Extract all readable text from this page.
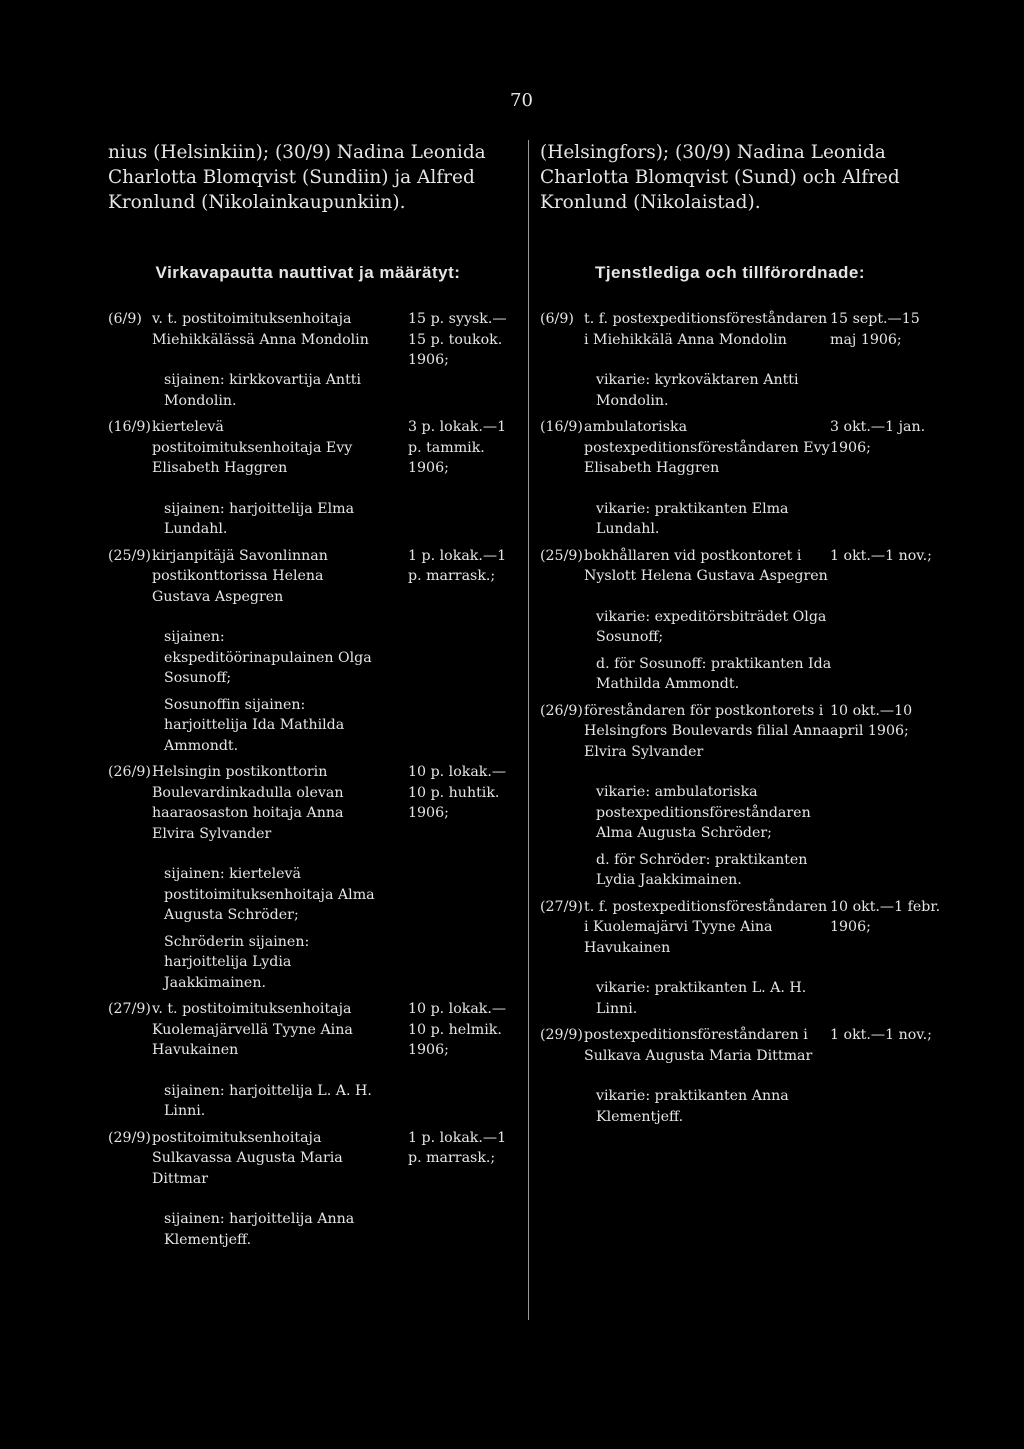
70

nius (Helsinkiin); (30/9) Nadina Leonida Charlotta Blomqvist (Sundiin) ja Alfred Kronlund (Nikolainkaupunkiin).

Virkavapautta nauttivat ja määrätyt:
(6/9) v. t. postitoimituksenhoitaja Miehikkälässä Anna Mondolin
15 p. syysk.—15 p. toukok. 1906;
sijainen: kirkkovartija Antti Mondolin.
(16/9) kiertelevä postitoimituksenhoitaja Evy Elisabeth Haggren
3 p. lokak.—1 p. tammik. 1906;
sijainen: harjoittelija Elma Lundahl.
(25/9) kirjanpitäjä Savonlinnan postikonttorissa Helena Gustava Aspegren
1 p. lokak.—1 p. marrask.;
sijainen: ekspeditöörinapulainen Olga Sosunoff;
Sosunoffin sijainen: harjoittelija Ida Mathilda Ammondt.
(26/9) Helsingin postikonttorin Boulevardinkadulla olevan haaraosaston hoitaja Anna Elvira Sylvander
10 p. lokak.—10 p. huhtik. 1906;
sijainen: kiertelevä postitoimituksenhoitaja Alma Augusta Schröder;
Schröderin sijainen: harjoittelija Lydia Jaakkimainen.
(27/9) v. t. postitoimituksenhoitaja Kuolemajärvellä Tyyne Aina Havukainen
10 p. lokak.—10 p. helmik. 1906;
sijainen: harjoittelija L. A. H. Linni.
(29/9) postitoimituksenhoitaja Sulkavassa Augusta Maria Dittmar
1 p. lokak.—1 p. marrask.;
sijainen: harjoittelija Anna Klementjeff.

(Helsingfors); (30/9) Nadina Leonida Charlotta Blomqvist (Sund) och Alfred Kronlund (Nikolaistad).

Tjenstlediga och tillförordnade:
(6/9) t. f. postexpeditionsföreståndaren i Miehikkälä Anna Mondolin
15 sept.—15 maj 1906;
vikarie: kyrkoväktaren Antti Mondolin.
(16/9) ambulatoriska postexpeditionsföreståndaren Evy Elisabeth Haggren
3 okt.—1 jan. 1906;
vikarie: praktikanten Elma Lundahl.
(25/9) bokhållaren vid postkontoret i Nyslott Helena Gustava Aspegren
1 okt.—1 nov.;
vikarie: expeditörsbiträdet Olga Sosunoff;
d. för Sosunoff: praktikanten Ida Mathilda Ammondt.
(26/9) föreståndaren för postkontorets i Helsingfors Boulevards filial Anna Elvira Sylvander
10 okt.—10 april 1906;
vikarie: ambulatoriska postexpeditionsföreståndaren Alma Augusta Schröder;
d. för Schröder: praktikanten Lydia Jaakkimainen.
(27/9) t. f. postexpeditionsföreståndaren i Kuolemajärvi Tyyne Aina Havukainen
10 okt.—1 febr. 1906;
vikarie: praktikanten L. A. H. Linni.
(29/9) postexpeditionsföreståndaren i Sulkava Augusta Maria Dittmar
1 okt.—1 nov.;
vikarie: praktikanten Anna Klementjeff.
